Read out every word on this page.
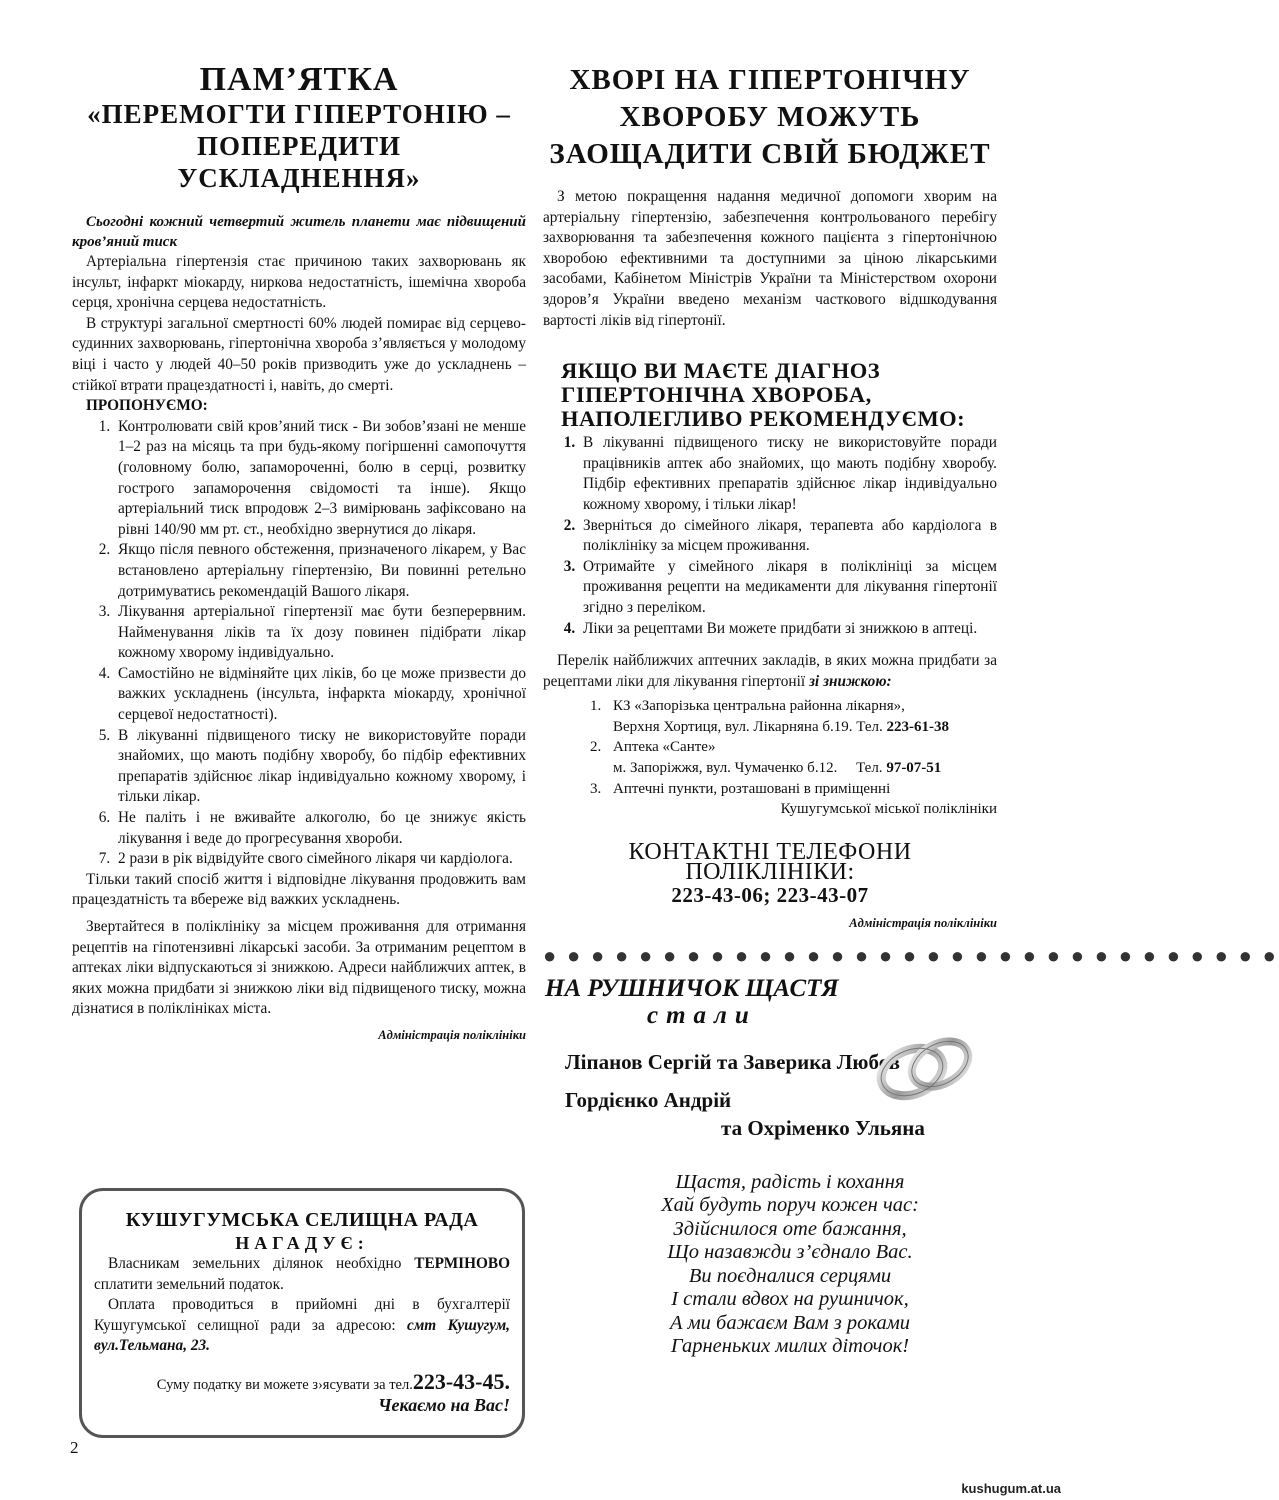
ПАМ’ЯТКА
«ПЕРЕМОГТИ ГІПЕРТОНІЮ –
ПОПЕРЕДИТИ УСКЛАДНЕННЯ»

Сьогодні кожний четвертий житель планети має підвищений кров’яний тиск

Артеріальна гіпертензія стає причиною таких захворювань як інсульт, інфаркт міокарду, ниркова недостатність, ішемічна хвороба серця, хронічна серцева недостатність.

В структурі загальної смертності 60% людей помирає від серцево-судинних захворювань, гіпертонічна хвороба з’являється у молодому віці і часто у людей 40–50 років призводить уже до ускладнень – стійкої втрати працездатності і, навіть, до смерті.

ПРОПОНУЄМО:

1. Контролювати свій кров’яний тиск - Ви зобов’язані не менше 1–2 раз на місяць та при будь-якому погіршенні самопочуття (головному болю, запамороченні, болю в серці, розвитку гострого запаморочення свідомості та інше). Якщо артеріальний тиск впродовж 2–3 вимірювань зафіксовано на рівні 140/90 мм рт. ст., необхідно звернутися до лікаря.
2. Якщо після певного обстеження, призначеного лікарем, у Вас встановлено артеріальну гіпертензію, Ви повинні ретельно дотримуватись рекомендацій Вашого лікаря.
3. Лікування артеріальної гіпертензії має бути безперервним. Найменування ліків та їх дозу повинен підібрати лікар кожному хворому індивідуально.
4. Самостійно не відміняйте цих ліків, бо це може призвести до важких ускладнень (інсульта, інфаркта міокарду, хронічної серцевої недостатності).
5. В лікуванні підвищеного тиску не використовуйте поради знайомих, що мають подібну хворобу, бо підбір ефективних препаратів здійснює лікар індивідуально кожному хворому, і тільки лікар.
6. Не паліть і не вживайте алкоголю, бо це знижує якість лікування і веде до прогресування хвороби.
7. 2 рази в рік відвідуйте свого сімейного лікаря чи кардіолога.

Тільки такий спосіб життя і відповідне лікування продовжить вам працездатність та вбереже від важких ускладнень.

Звертайтеся в поліклініку за місцем проживання для отримання рецептів на гіпотензивні лікарські засоби. За отриманим рецептом в аптеках ліки відпускаються зі знижкою. Адреси найближчих аптек, в яких можна придбати зі знижкою ліки від підвищеного тиску, можна дізнатися в поліклініках міста.

Адміністрація поліклініки

КУШУГУМСЬКА СЕЛИЩНА РАДА
НАГАДУЄ:

Власникам земельних ділянок необхідно ТЕРМІНОВО сплатити земельний податок.

Оплата проводиться в прийомні дні в бухгалтерії Кушугумської селищної ради за адресою: смт Кушугум, вул.Тельмана, 23.

Суму податку ви можете з›ясувати за тел.223-43-45.

Чекаємо на Вас!

ХВОРІ НА ГІПЕРТОНІЧНУ
ХВОРОБУ МОЖУТЬ
ЗАОЩАДИТИ СВІЙ БЮДЖЕТ

З метою покращення надання медичної допомоги хворим на артеріальну гіпертензію, забезпечення контрольованого перебігу захворювання та забезпечення кожного пацієнта з гіпертонічною хворобою ефективними та доступними за ціною лікарськими засобами, Кабінетом Міністрів України та Міністерством охорони здоров’я України введено механізм часткового відшкодування вартості ліків від гіпертонії.

ЯКЩО ВИ МАЄТЕ ДІАГНОЗ
ГІПЕРТОНІЧНА ХВОРОБА,
НАПОЛЕГЛИВО РЕКОМЕНДУЄМО:
1. В лікуванні підвищеного тиску не використовуйте поради працівників аптек або знайомих, що мають подібну хворобу. Підбір ефективних препаратів здійснює лікар індивідуально кожному хворому, і тільки лікар!
2. Зверніться до сімейного лікаря, терапевта або кардіолога в поліклініку за місцем проживання.
3. Отримайте у сімейного лікаря в поліклініці за місцем проживання рецепти на медикаменти для лікування гіпертонії згідно з переліком.
4. Ліки за рецептами Ви можете придбати зі знижкою в аптеці.

Перелік найближчих аптечних закладів, в яких можна придбати за рецептами ліки для лікування гіпертонії зі знижкою:

1. КЗ «Запорізька центральна районна лікарня»,
Верхня Хортиця, вул. Лікарняна б.19. Тел. 223-61-38
2. Аптека «Санте»
м. Запоріжжя, вул. Чумаченко б.12.     Тел. 97-07-51
3. Аптечні пункти, розташовані в приміщенні
Кушугумської міської поліклініки
КОНТАКТНІ ТЕЛЕФОНИ
ПОЛІКЛІНІКИ:
223-43-06; 223-43-07

Адміністрація поліклініки

● ● ● ● ● ● ● ● ● ● ● ● ● ● ● ● ● ● ● ● ● ● ● ● ● ● ● ● ● ● ●
НА РУШНИЧОК ЩАСТЯ
стали
Ліпанов Сергій та Заверика Любов
Гордієнко Андрій
та Охріменко Ульяна
Щастя, радість і кохання
Хай будуть поруч кожен час:
Здійснилося оте бажання,
Що назавжди з’єднало Вас.
Ви поєдналися серцями
І стали вдвох на рушничок,
А ми бажаєм Вам з роками
Гарненьких милих діточок!
2
kushugum.at.ua
